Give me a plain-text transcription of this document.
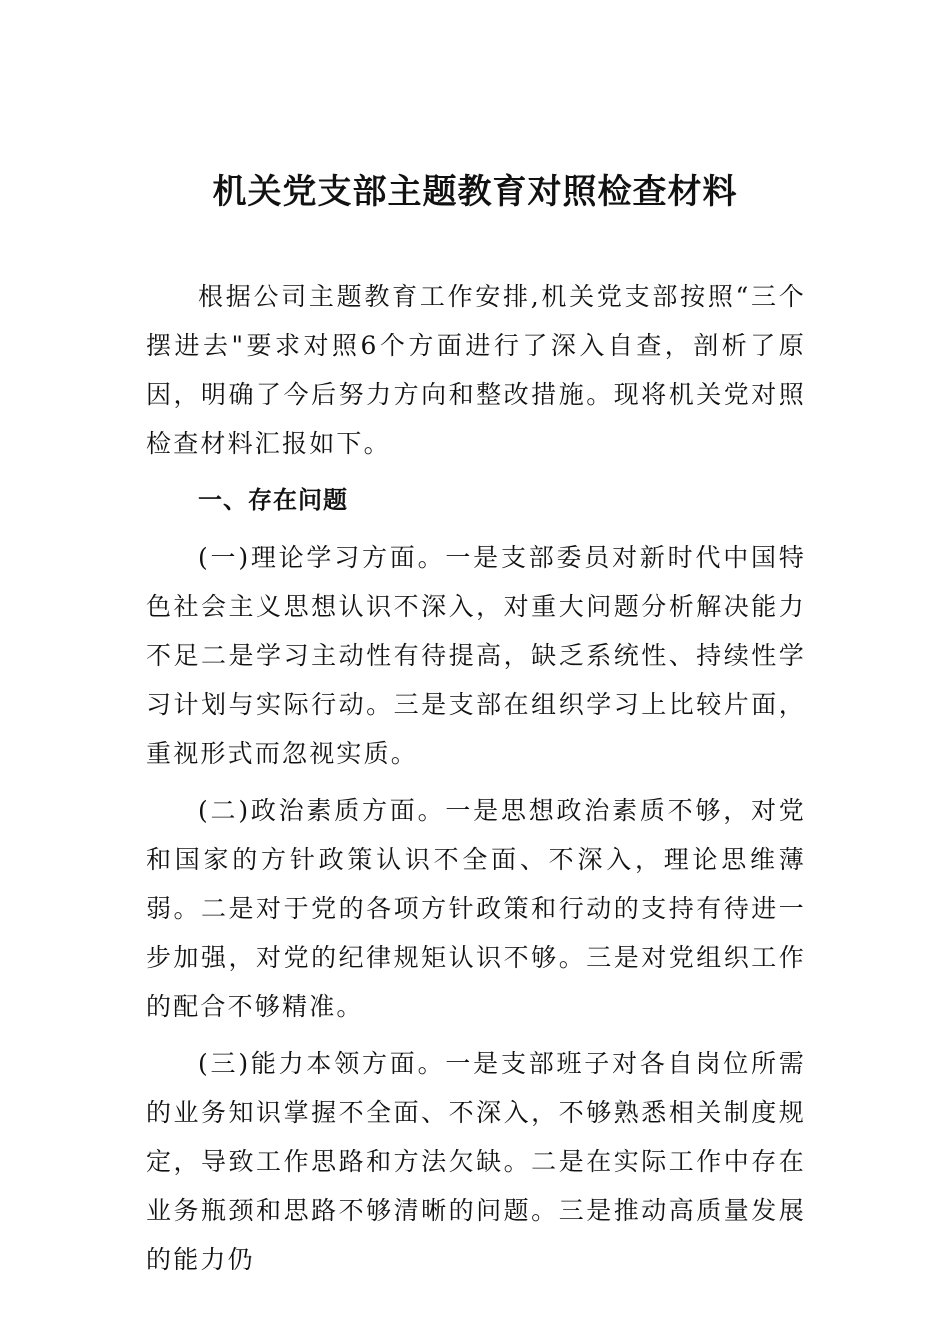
机关党支部主题教育对照检查材料

根据公司主题教育工作安排,机关党支部按照“三个摆进去"要求对照6个方面进行了深入自查，剖析了原因，明确了今后努力方向和整改措施。现将机关党对照检查材料汇报如下。

一、存在问题

(一)理论学习方面。一是支部委员对新时代中国特色社会主义思想认识不深入，对重大问题分析解决能力不足二是学习主动性有待提高，缺乏系统性、持续性学习计划与实际行动。三是支部在组织学习上比较片面，重视形式而忽视实质。

(二)政治素质方面。一是思想政治素质不够，对党和国家的方针政策认识不全面、不深入，理论思维薄弱。二是对于党的各项方针政策和行动的支持有待进一步加强，对党的纪律规矩认识不够。三是对党组织工作的配合不够精准。

(三)能力本领方面。一是支部班子对各自岗位所需的业务知识掌握不全面、不深入，不够熟悉相关制度规定，导致工作思路和方法欠缺。二是在实际工作中存在业务瓶颈和思路不够清晰的问题。三是推动高质量发展的能力仍
